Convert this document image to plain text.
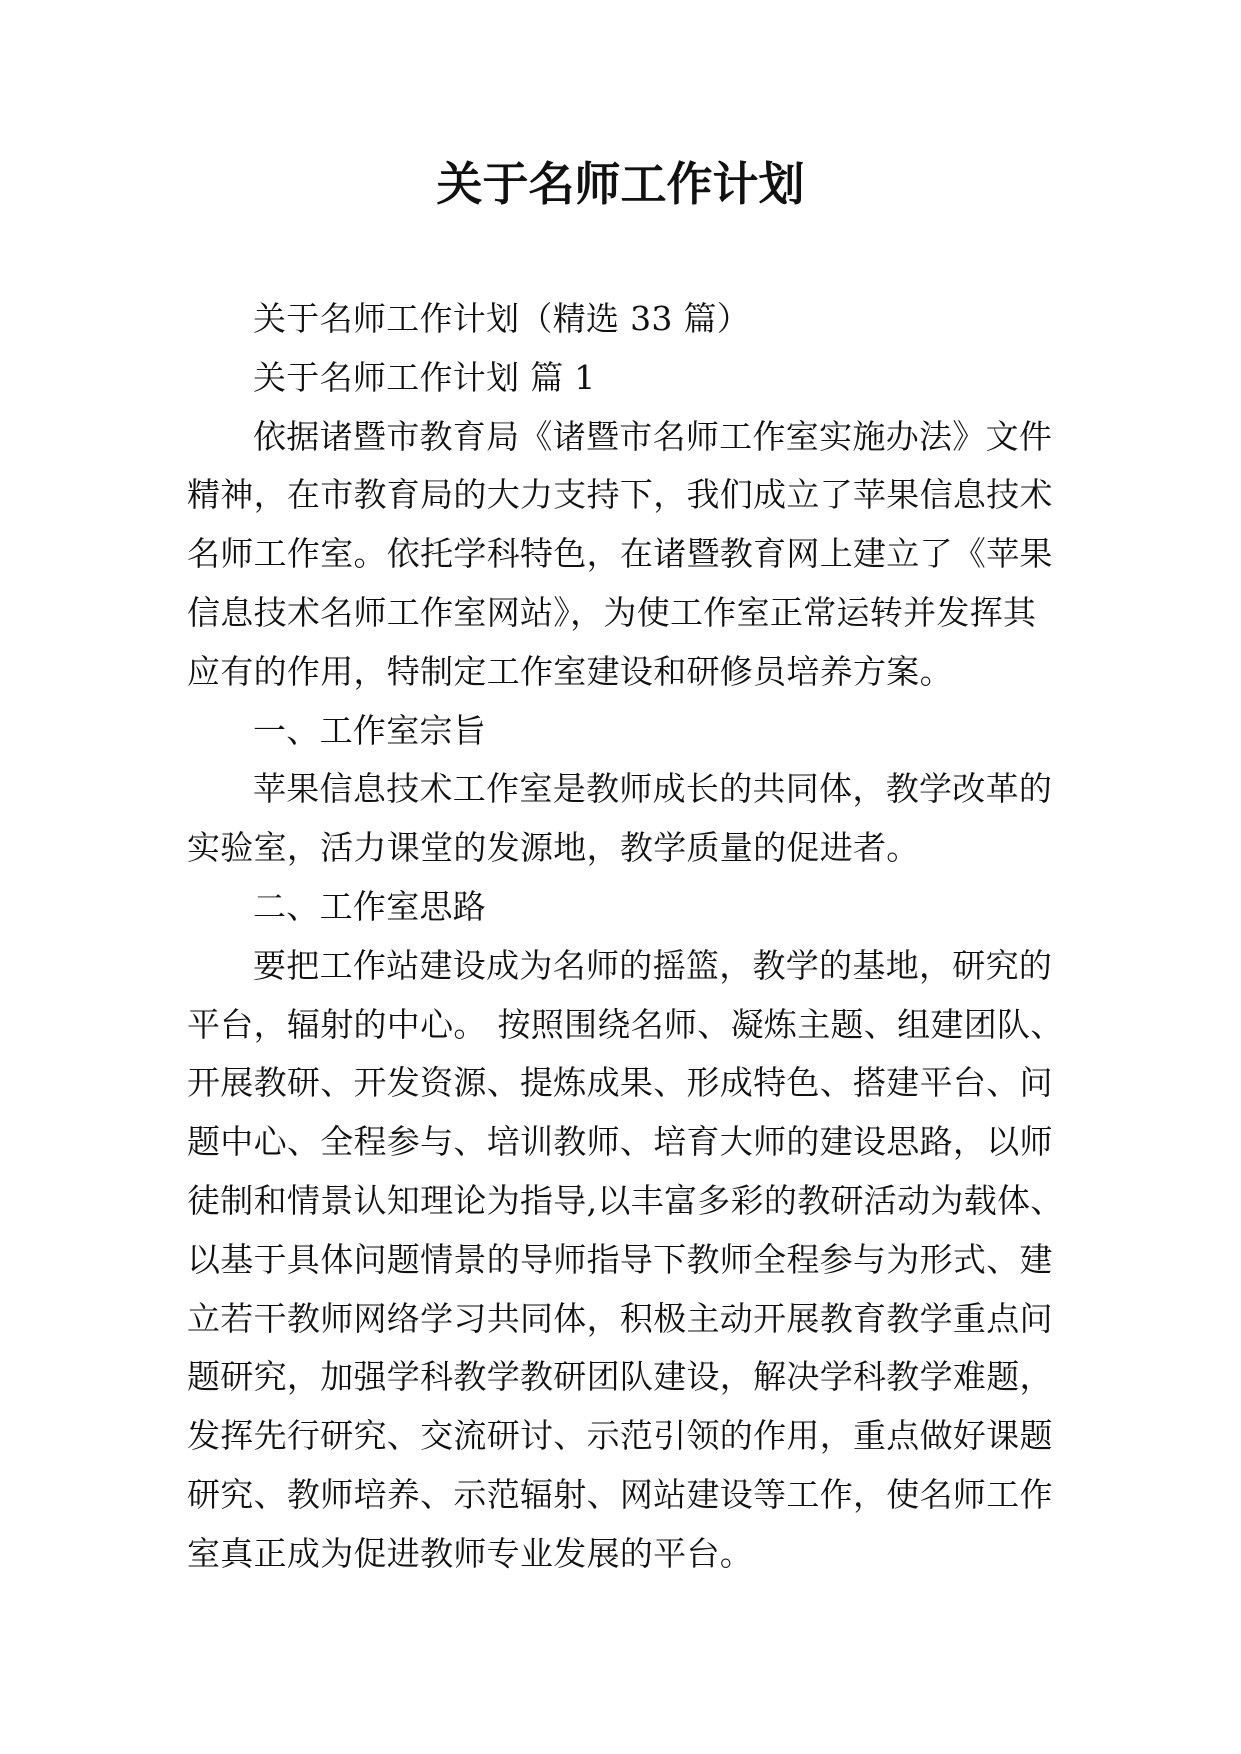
关于名师工作计划
关于名师工作计划（精选 33 篇）
关于名师工作计划 篇 1
依据诸暨市教育局《诸暨市名师工作室实施办法》文件
精神，在市教育局的大力支持下，我们成立了苹果信息技术
名师工作室。依托学科特色，在诸暨教育网上建立了《苹果
信息技术名师工作室网站》，为使工作室正常运转并发挥其
应有的作用，特制定工作室建设和研修员培养方案。
一、工作室宗旨
苹果信息技术工作室是教师成长的共同体，教学改革的
实验室，活力课堂的发源地，教学质量的促进者。
二、工作室思路
要把工作站建设成为名师的摇篮，教学的基地，研究的
平台，辐射的中心。 按照围绕名师、凝炼主题、组建团队、
开展教研、开发资源、提炼成果、形成特色、搭建平台、问
题中心、全程参与、培训教师、培育大师的建设思路，以师
徒制和情景认知理论为指导,以丰富多彩的教研活动为载体、
以基于具体问题情景的导师指导下教师全程参与为形式、建
立若干教师网络学习共同体，积极主动开展教育教学重点问
题研究，加强学科教学教研团队建设，解决学科教学难题，
发挥先行研究、交流研讨、示范引领的作用，重点做好课题
研究、教师培养、示范辐射、网站建设等工作，使名师工作
室真正成为促进教师专业发展的平台。
